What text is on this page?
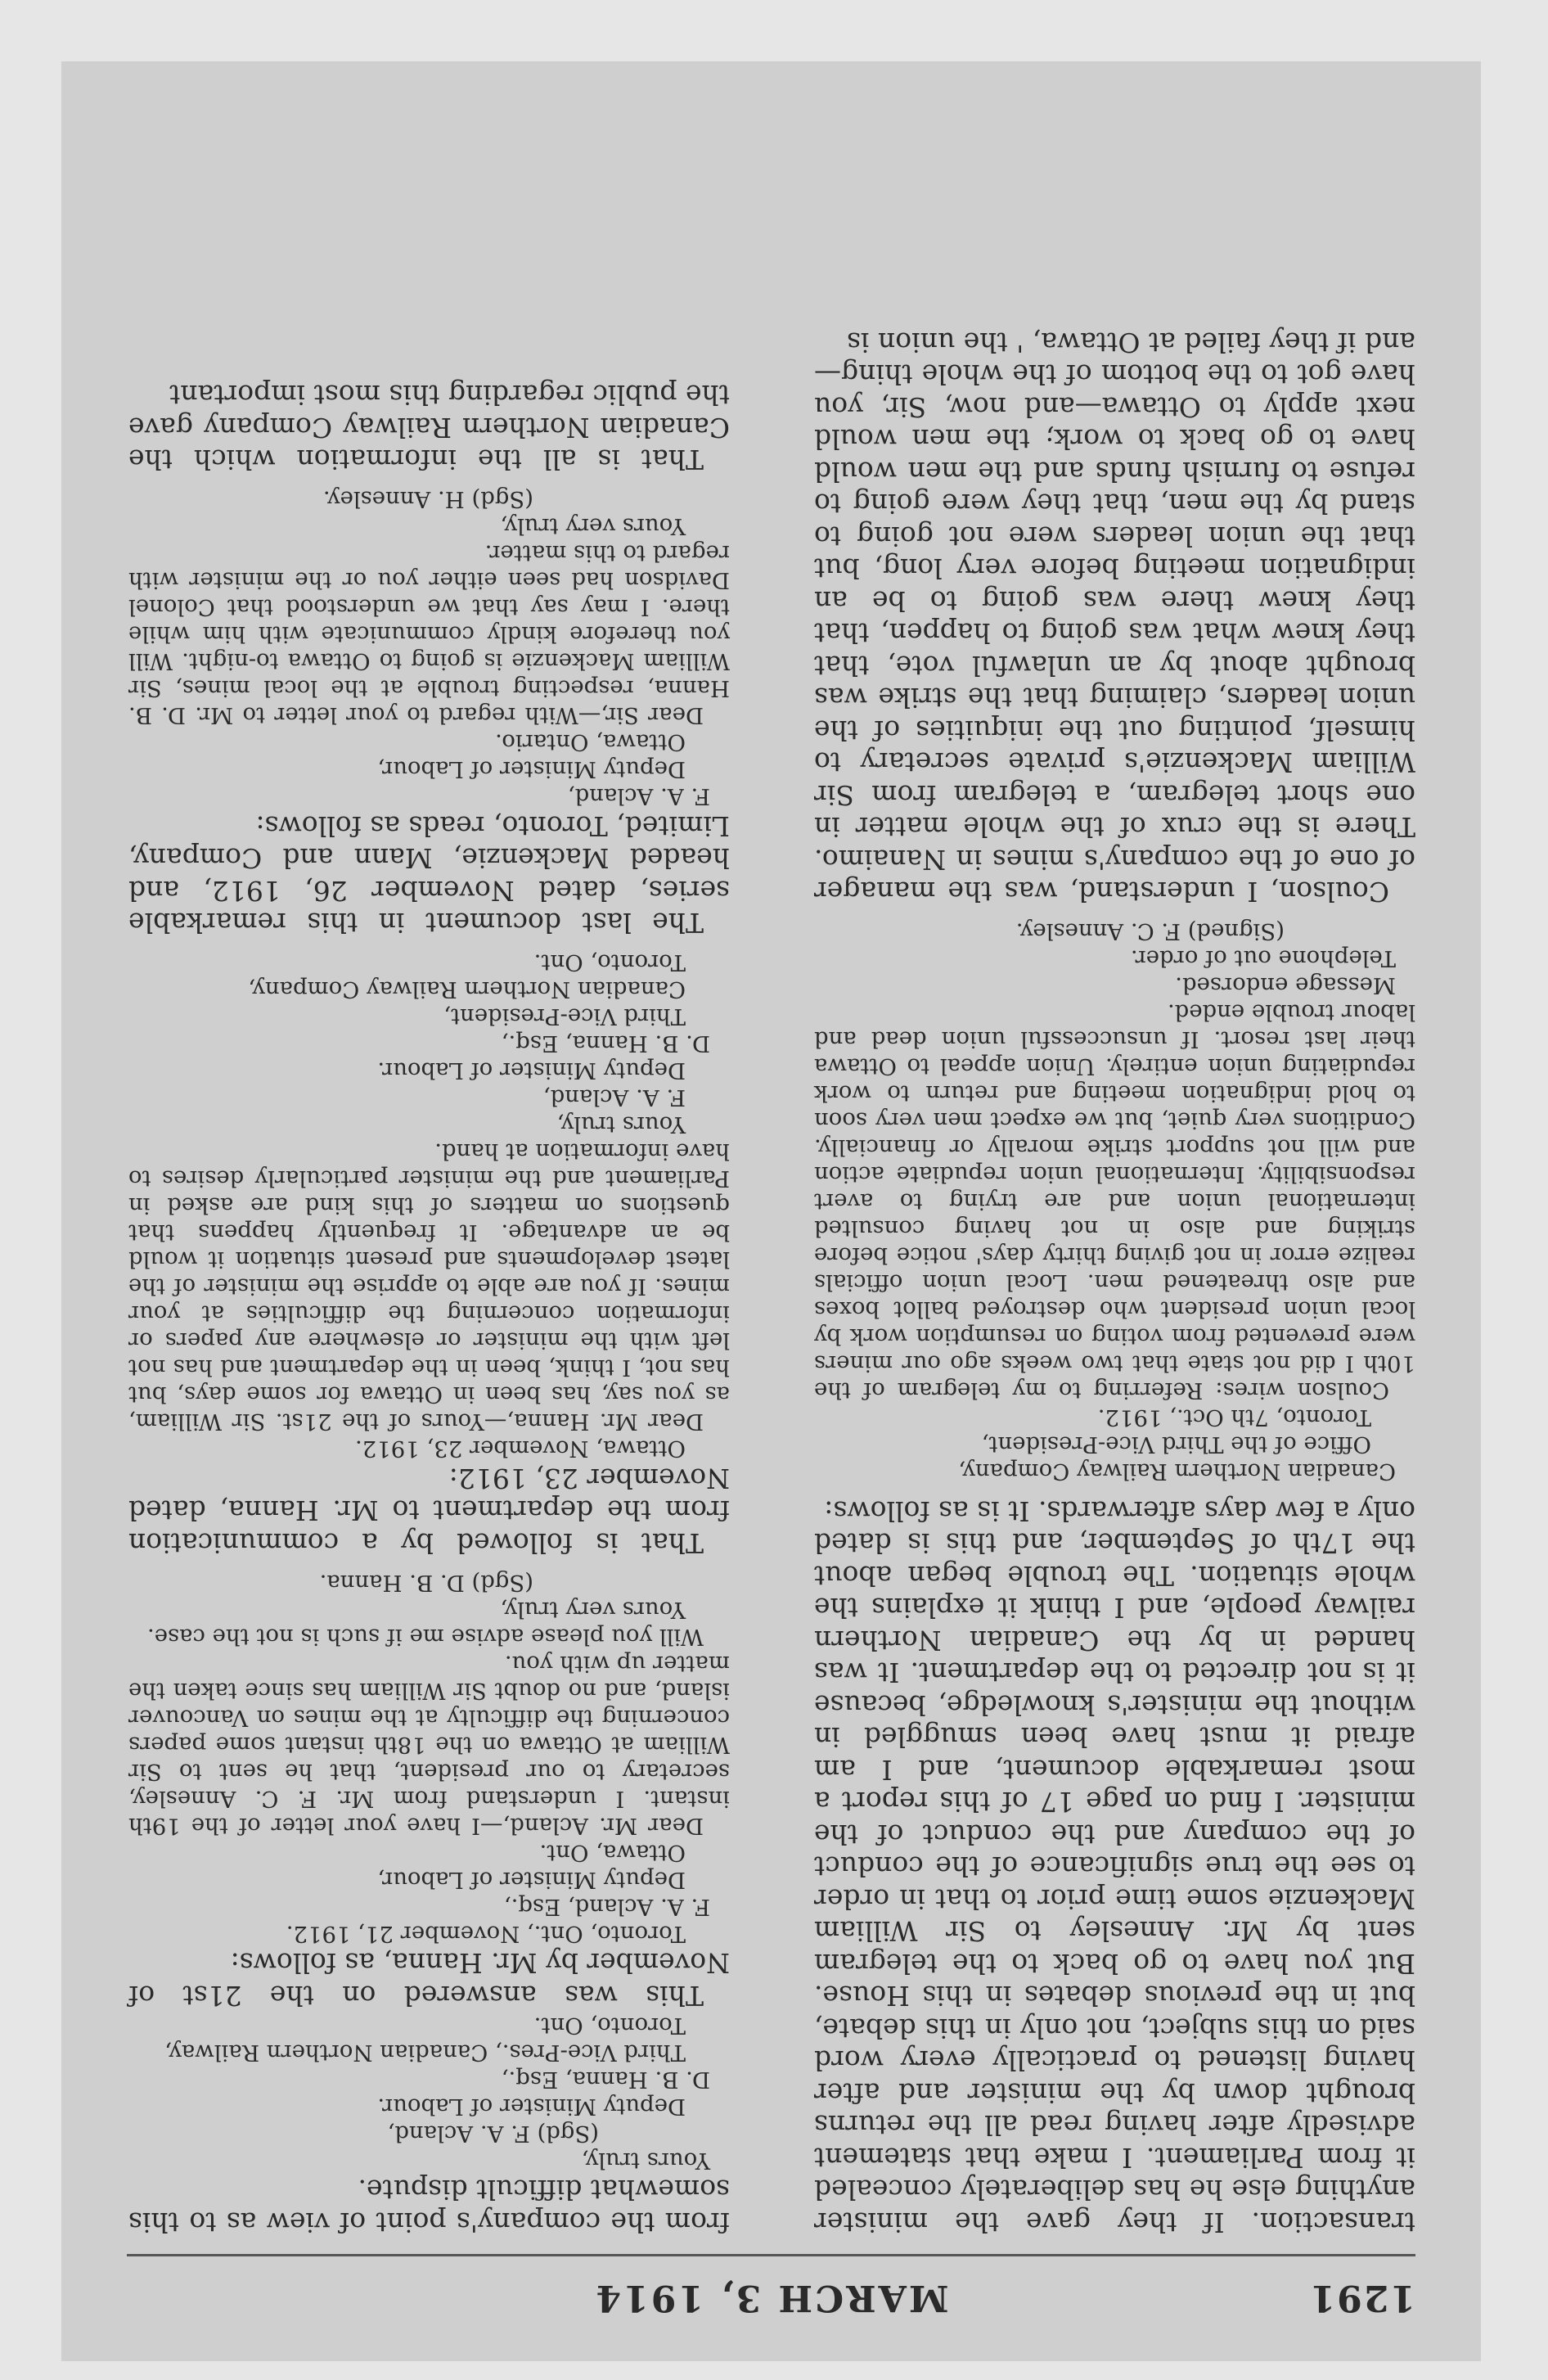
1291
MARCH 3, 1914

transaction. If they gave the minister anything else he has deliberately concealed it from Parliament. I make that statement advisedly after having read all the returns brought down by the minister and after having listened to practically every word said on this subject, not only in this debate, but in the previous debates in this House. But you have to go back to the telegram sent by Mr. Annesley to Sir William Mackenzie some time prior to that in order to see the true significance of the conduct of the company and the conduct of the minister. I find on page 17 of this report a most remarkable document, and I am afraid it must have been smuggled in without the minister's knowledge, because it is not directed to the department. It was handed in by the Canadian Northern railway people, and I think it explains the whole situation. The trouble began about the 17th of September, and this is dated only a few days afterwards. It is as follows:

Canadian Northern Railway Company,

Office of the Third Vice-President,

Toronto, 7th Oct., 1912.

Coulson wires: Referring to my telegram of the 10th I did not state that two weeks ago our miners were prevented from voting on resumption work by local union president who destroyed ballot boxes and also threatened men. Local union officials realize error in not giving thirty days' notice before striking and also in not having consulted international union and are trying to avert responsibility. International union repudiate action and will not support strike morally or financially. Conditions very quiet, but we expect men very soon to hold indignation meeting and return to work repudiating union entirely. Union appeal to Ottawa their last resort. If unsuccessful union dead and labour trouble ended.

Message endorsed.

Telephone out of order.

(Signed) F. C. Annesley.

Coulson, I understand, was the manager of one of the company's mines in Nanaimo. There is the crux of the whole matter in one short telegram, a telegram from Sir William Mackenzie's private secretary to himself, pointing out the iniquities of the union leaders, claiming that the strike was brought about by an unlawful vote, that they knew what was going to happen, that they knew there was going to be an indignation meeting before very long, but that the union leaders were not going to stand by the men, that they were going to refuse to furnish funds and the men would have to go back to work; the men would next apply to Ottawa—and now, Sir, you have got to the bottom of the whole thing—and if they failed at Ottawa, ' the union is

from the company's point of view as to this somewhat difficult dispute.

Yours truly,

(Sgd) F. A. Acland,

Deputy Minister of Labour.

D. B. Hanna, Esq.,

Third Vice-Pres., Canadian Northern Railway,

Toronto, Ont.

This was answered on the 21st of November by Mr. Hanna, as follows:

Toronto, Ont., November 21, 1912.

F. A. Acland, Esq.,

Deputy Minister of Labour,

Ottawa, Ont.

Dear Mr. Acland,—I have your letter of the 19th instant. I understand from Mr. F. C. Annesley, secretary to our president, that he sent to Sir William at Ottawa on the 18th instant some papers concerning the difficulty at the mines on Vancouver island, and no doubt Sir William has since taken the matter up with you.

Will you please advise me if such is not the case.

Yours very truly,

(Sgd) D. B. Hanna.

That is followed by a communication from the department to Mr. Hanna, dated November 23, 1912:

Ottawa, November 23, 1912.

Dear Mr. Hanna,—Yours of the 21st. Sir William, as you say, has been in Ottawa for some days, but has not, I think, been in the department and has not left with the minister or elsewhere any papers or information concerning the difficulties at your mines. If you are able to apprise the minister of the latest developments and present situation it would be an advantage. It frequently happens that questions on matters of this kind are asked in Parliament and the minister particularly desires to have information at hand.

Yours truly,

F. A. Acland,

Deputy Minister of Labour.

D. B. Hanna, Esq.,

Third Vice-President,

Canadian Northern Railway Company,

Toronto, Ont.

The last document in this remarkable series, dated November 26, 1912, and headed Mackenzie, Mann and Company, Limited, Toronto, reads as follows:

F. A. Acland,

Deputy Minister of Labour,

Ottawa, Ontario.

Dear Sir,—With regard to your letter to Mr. D. B. Hanna, respecting trouble at the local mines, Sir William Mackenzie is going to Ottawa to-night. Will you therefore kindly communicate with him while there. I may say that we understood that Colonel Davidson had seen either you or the minister with regard to this matter.

Yours very truly,

(Sgd) H. Annesley.

That is all the information which the Canadian Northern Railway Company gave the public regarding this most important
